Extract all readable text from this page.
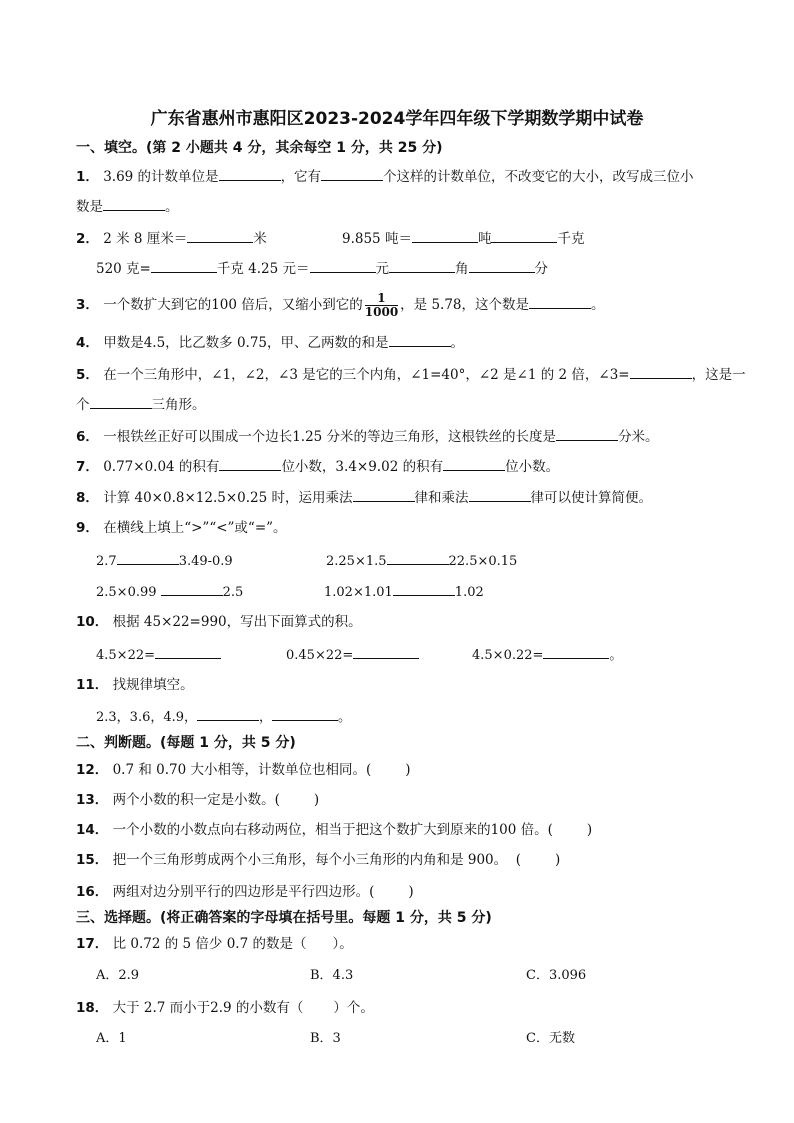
广东省惠州市惠阳区2023-2024学年四年级下学期数学期中试卷
一、填空。(第 2 小题共 4 分，其余每空 1 分，共 25 分)
1． 3.69 的计数单位是	，它有	个这样的计数单位，不改变它的大小，改写成三位小
数是	。
2． 2 米 8 厘米＝	米	9.855 吨＝	吨	千克
520 克=	千克 4.25 元＝	元	角	分
3． 一个数扩大到它的100 倍后，又缩小到它的 $\frac{1}{1000}$ ，是 5.78，这个数是	。
4． 甲数是4.5，比乙数多 0.75，甲、乙两数的和是	。
5． 在一个三角形中，∠1，∠2，∠3 是它的三个内角，∠1=40°，∠2 是∠1 的 2 倍，∠3=	，这是一
个	三角形。
6． 一根铁丝正好可以围成一个边长1.25 分米的等边三角形，这根铁丝的长度是	分米。
7． 0.77×0.04 的积有	位小数，3.4×9.02 的积有	位小数。
8． 计算 40×0.8×12.5×0.25 时，运用乘法	律和乘法	律可以使计算简便。
9． 在横线上填上“>”“<”或“=”。
2.7	3.49-0.9	2.25×1.5	22.5×0.15
2.5×0.99	2.5	1.02×1.01	1.02
10． 根据 45×22=990，写出下面算式的积。
4.5×22=	0.45×22=	4.5×0.22=	。
11． 找规律填空。
2.3，3.6，4.9，	，	。
二、判断题。(每题 1 分，共 5 分)
12． 0.7 和 0.70 大小相等，计数单位也相同。(	)
13． 两个小数的积一定是小数。(	)
14． 一个小数的小数点向右移动两位，相当于把这个数扩大到原来的100 倍。(	)
15． 把一个三角形剪成两个小三角形，每个小三角形的内角和是 900。 (	)
16． 两组对边分别平行的四边形是平行四边形。(	)
三、选择题。(将正确答案的字母填在括号里。每题 1 分，共 5 分)
17． 比 0.72 的 5 倍少 0.7 的数是（ ）。
A．2.9	B．4.3	C．3.096
18． 大于 2.7 而小于2.9 的小数有（ ）个。
A．1	B．3	C．无数
